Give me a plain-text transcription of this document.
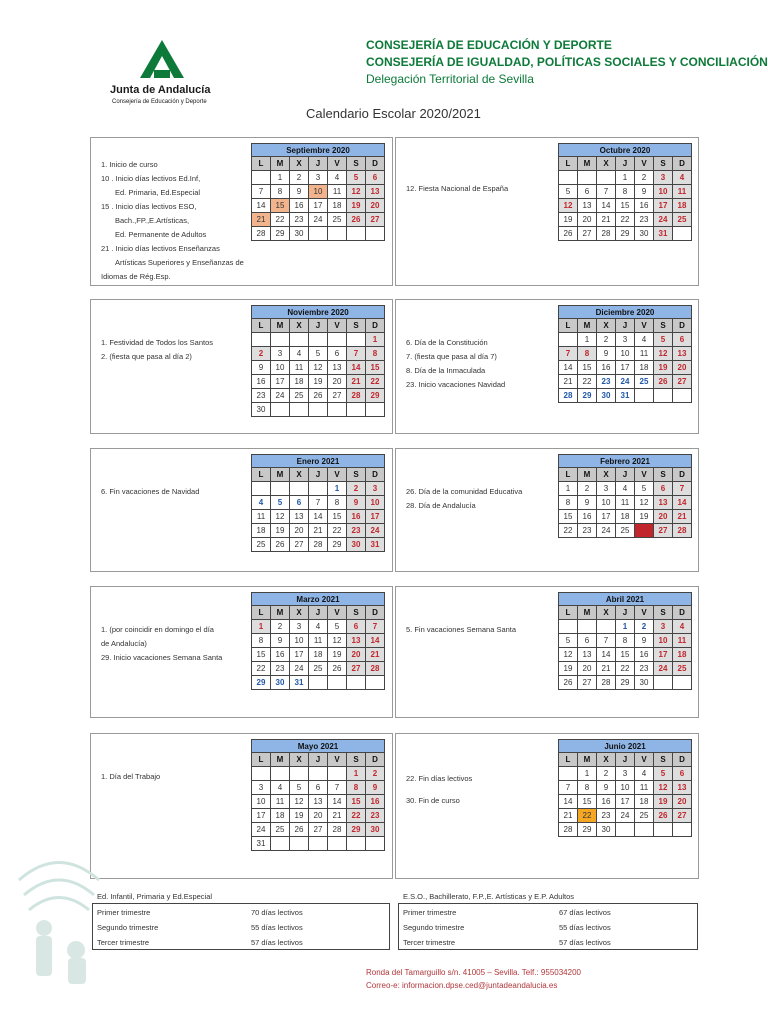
Junta de Andalucía
Consejería de Educación y Deporte
CONSEJERÍA DE EDUCACIÓN Y DEPORTE
CONSEJERÍA DE IGUALDAD, POLÍTICAS SOCIALES Y CONCILIACIÓN
Delegación Territorial de Sevilla
Calendario Escolar 2020/2021
1. Inicio de curso
10 . Inicio días lectivos Ed.Inf,
Ed. Primaria, Ed.Especial
15 . Inicio días lectivos ESO,
Bach.,FP.,E.Artísticas,
Ed. Permanente de Adultos
21 . Inicio días lectivos Enseñanzas
Artísticas Superiores y Enseñanzas de
Idiomas de Rég.Esp.
Septiembre 2020						
L	M	X	J	V	S	D
	1	2	3	4	5	6
7	8	9	10	11	12	13
14	15	16	17	18	19	20
21	22	23	24	25	26	27
28	29	30				
12. Fiesta Nacional de España
Octubre 2020						
L	M	X	J	V	S	D
			1	2	3	4
5	6	7	8	9	10	11
12	13	14	15	16	17	18
19	20	21	22	23	24	25
26	27	28	29	30	31	
1. Festividad de Todos los Santos
2. (fiesta que pasa al día 2)
Noviembre 2020						
L	M	X	J	V	S	D
						1
2	3	4	5	6	7	8
9	10	11	12	13	14	15
16	17	18	19	20	21	22
23	24	25	26	27	28	29
30						
6. Día de la Constitución
7. (fiesta que pasa al día 7)
8. Día de la Inmaculada
23. Inicio vacaciones Navidad
Diciembre 2020						
L	M	X	J	V	S	D
	1	2	3	4	5	6
7	8	9	10	11	12	13
14	15	16	17	18	19	20
21	22	23	24	25	26	27
28	29	30	31			
6. Fin vacaciones de Navidad
Enero 2021						
L	M	X	J	V	S	D
				1	2	3
4	5	6	7	8	9	10
11	12	13	14	15	16	17
18	19	20	21	22	23	24
25	26	27	28	29	30	31
26. Día de la comunidad Educativa
28. Día de Andalucía
Febrero 2021						
L	M	X	J	V	S	D
1	2	3	4	5	6	7
8	9	10	11	12	13	14
15	16	17	18	19	20	21
22	23	24	25	26	27	28
1. (por coincidir en domingo el día
de Andalucía)
29. Inicio vacaciones Semana Santa
Marzo 2021						
L	M	X	J	V	S	D
1	2	3	4	5	6	7
8	9	10	11	12	13	14
15	16	17	18	19	20	21
22	23	24	25	26	27	28
29	30	31				
5. Fin vacaciones Semana Santa
Abril 2021						
L	M	X	J	V	S	D
			1	2	3	4
5	6	7	8	9	10	11
12	13	14	15	16	17	18
19	20	21	22	23	24	25
26	27	28	29	30		
1. Día del Trabajo
Mayo 2021						
L	M	X	J	V	S	D
					1	2
3	4	5	6	7	8	9
10	11	12	13	14	15	16
17	18	19	20	21	22	23
24	25	26	27	28	29	30
31						
22. Fin días lectivos
30. Fin de curso
Junio 2021						
L	M	X	J	V	S	D
	1	2	3	4	5	6
7	8	9	10	11	12	13
14	15	16	17	18	19	20
21	22	23	24	25	26	27
28	29	30				
Ed. Infantil, Primaria y Ed.Especial
Primer trimestre	70 días lectivos
Segundo trimestre	55 días lectivos
Tercer trimestre	57 días lectivos
E.S.O., Bachillerato, F.P.,E. Artísticas y E.P. Adultos
Primer trimestre	67 días lectivos
Segundo trimestre	55 días lectivos
Tercer trimestre	57 días lectivos
Ronda del Tamarguillo s/n. 41005 – Sevilla. Telf.: 955034200
Correo-e: informacion.dpse.ced@juntadeandalucia.es
